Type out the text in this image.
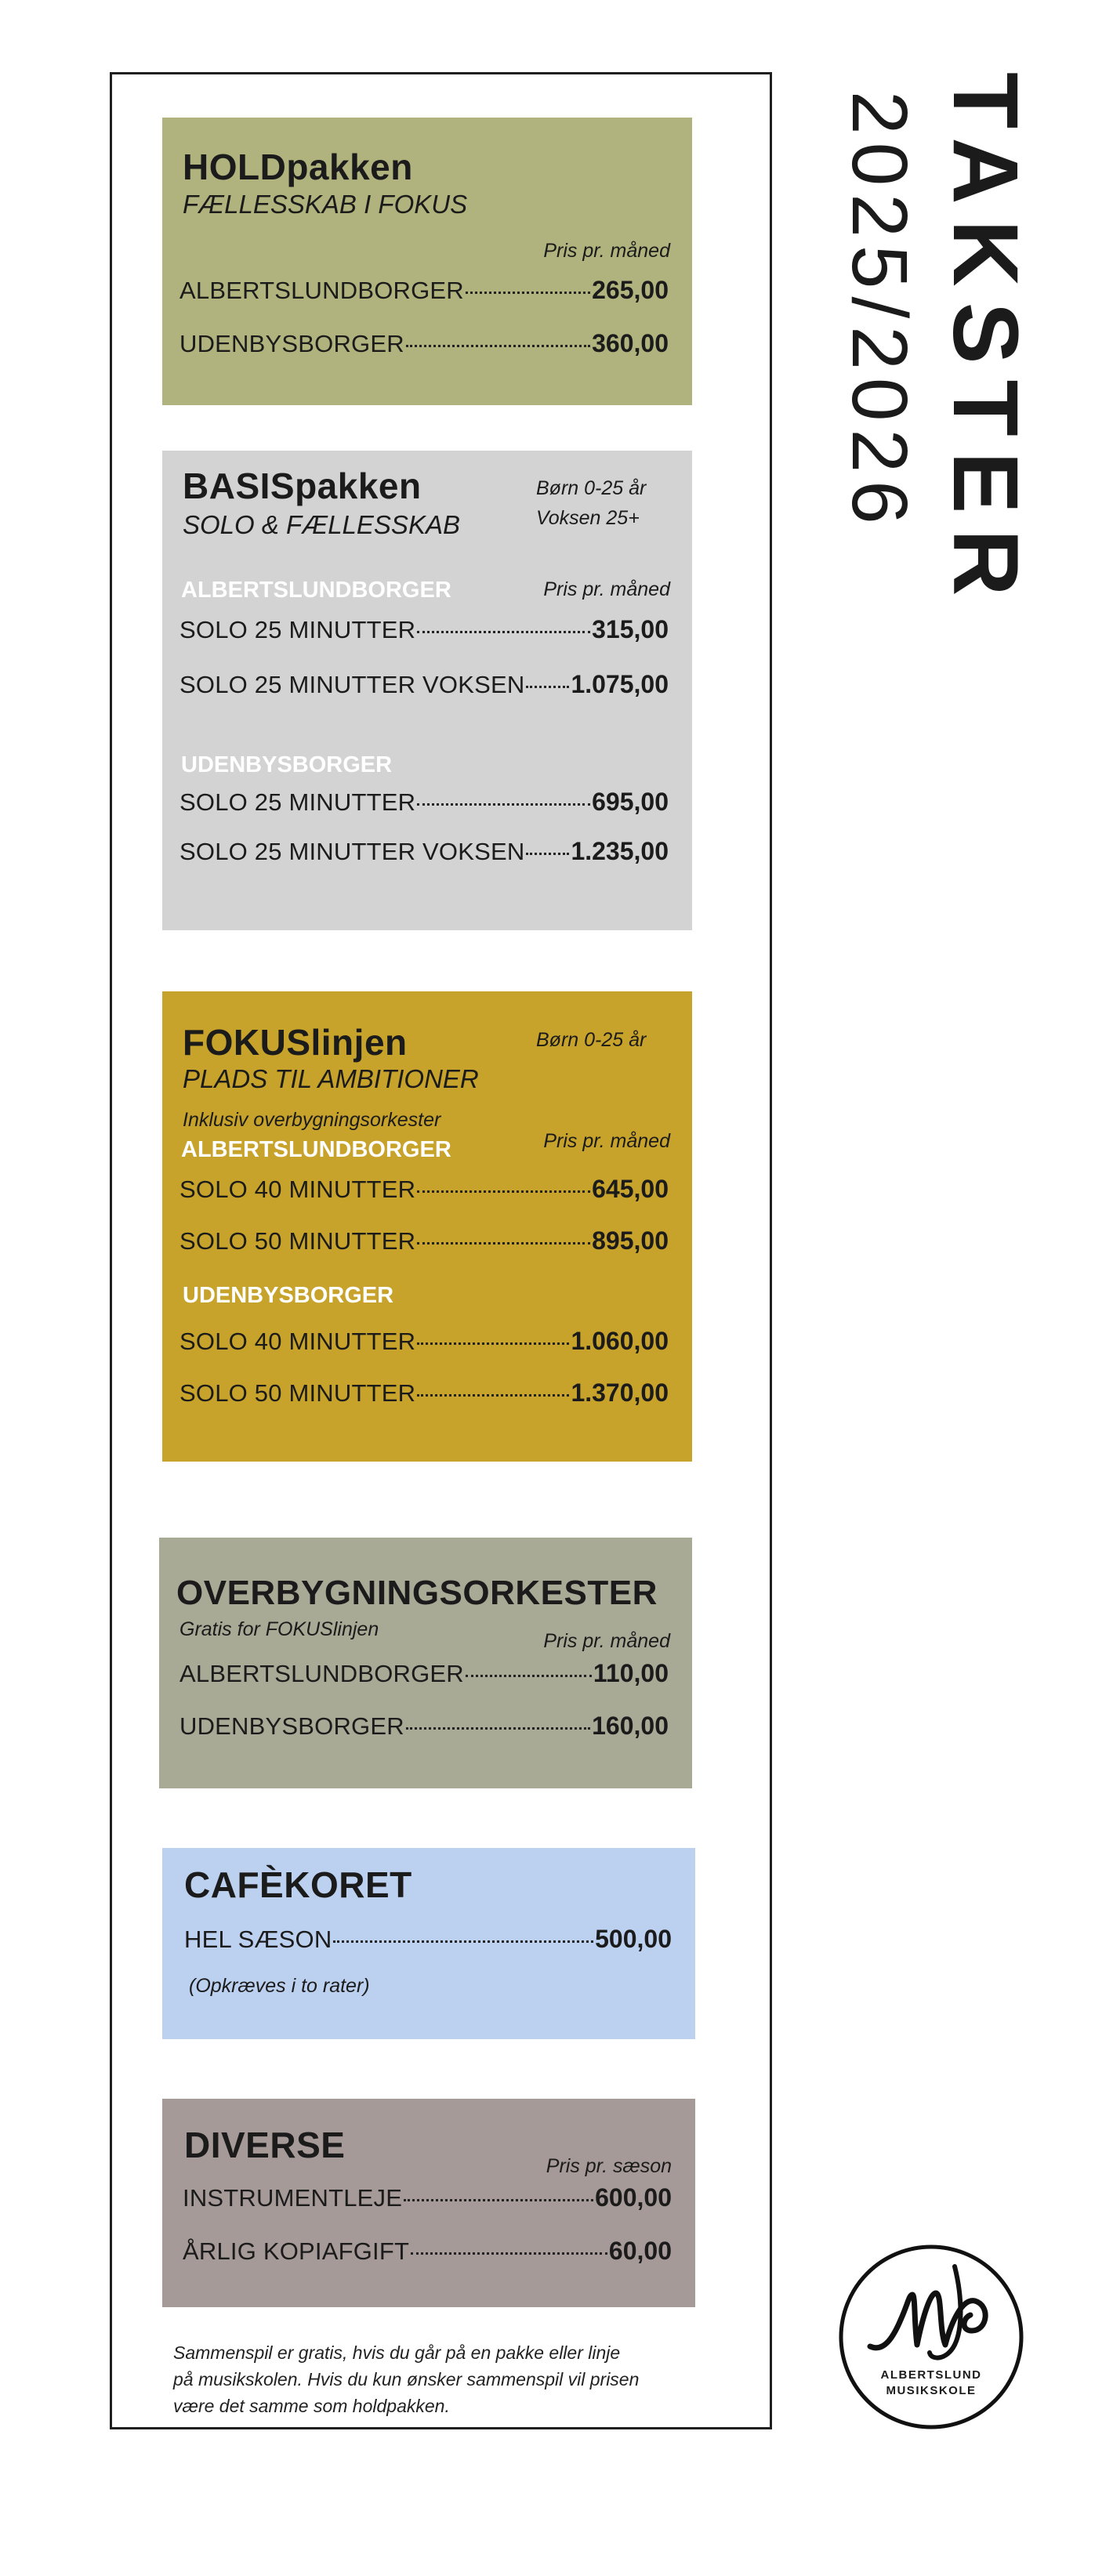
HOLDpakken
FÆLLESSKAB I FOKUS
Pris pr. måned
ALBERTSLUNDBORGER	265,00
UDENBYSBORGER	360,00
BASISpakken
SOLO & FÆLLESSKAB
Børn 0-25 år
Voksen 25+
ALBERTSLUNDBORGER	Pris pr. måned
SOLO 25 MINUTTER	315,00
SOLO 25 MINUTTER VOKSEN 1.075,00
UDENBYSBORGER
SOLO 25 MINUTTER	695,00
SOLO 25 MINUTTER VOKSEN 1.235,00
FOKUSlinjen
PLADS TIL AMBITIONER
Børn 0-25 år
Inklusiv overbygningsorkester
ALBERTSLUNDBORGER	Pris pr. måned
SOLO 40 MINUTTER	645,00
SOLO 50 MINUTTER	895,00
UDENBYSBORGER
SOLO 40 MINUTTER	1.060,00
SOLO 50 MINUTTER	1.370,00
OVERBYGNINGSORKESTER
Gratis for FOKUSlinjen
Pris pr. måned
ALBERTSLUNDBORGER	110,00
UDENBYSBORGER	160,00
CAFÈKORET
HEL SÆSON	500,00
(Opkræves i to rater)
DIVERSE
Pris pr. sæson
INSTRUMENTLEJE	600,00
ÅRLIG KOPIAFGIFT	60,00
Sammenspil er gratis, hvis du går på en pakke eller linje
på musikskolen. Hvis du kun ønsker sammenspil vil prisen
være det samme som holdpakken.
TAKSTER
2025/2026
ALBERTSLUND
MUSIKSKOLE
